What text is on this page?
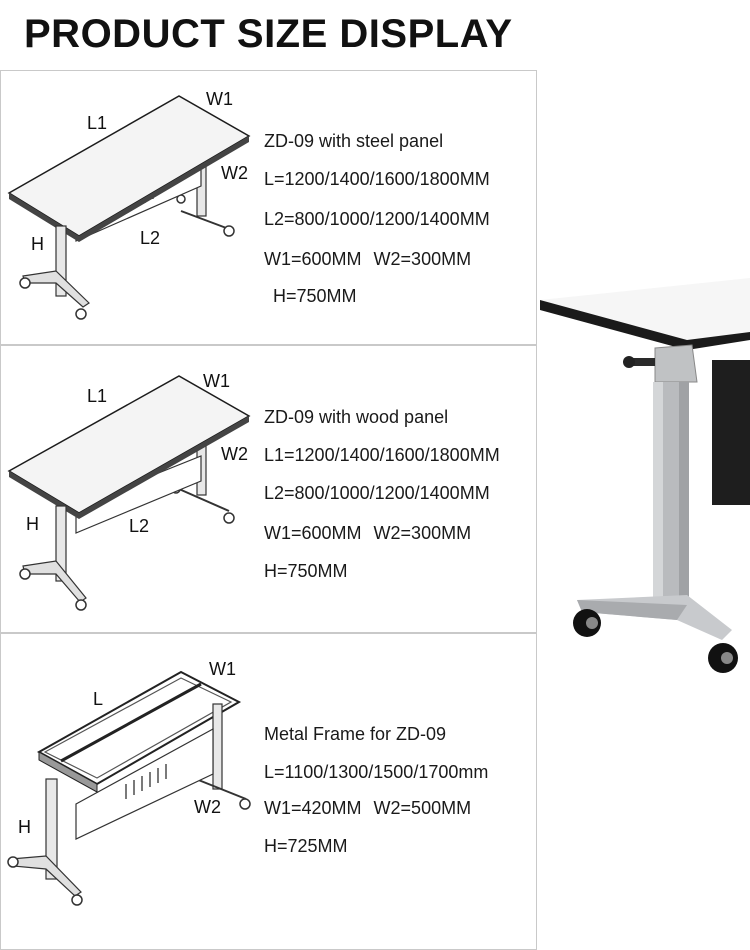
PRODUCT SIZE DISPLAY
L1
W1
W2
L2
H
ZD-09 with steel panel
L=1200/1400/1600/1800MM
L2=800/1000/1200/1400MM
W1=600MM W2=300MM
H=750MM
L1
W1
W2
L2
H
ZD-09 with wood panel
L1=1200/1400/1600/1800MM
L2=800/1000/1200/1400MM
W1=600MM W2=300MM
H=750MM
L
W1
W2
H
Metal Frame for ZD-09
L=1100/1300/1500/1700mm
W1=420MM W2=500MM
H=725MM
